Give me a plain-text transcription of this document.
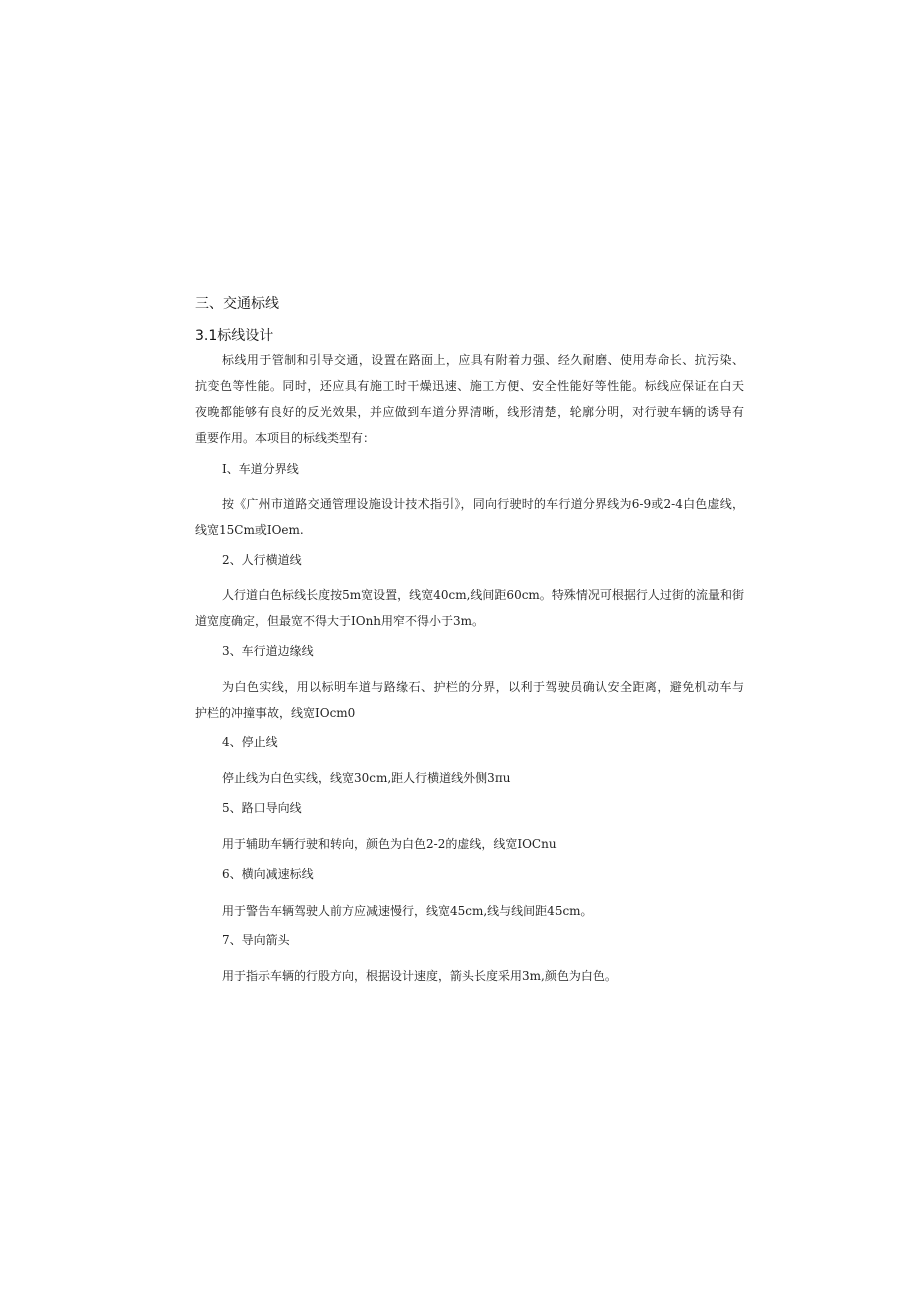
三、交通标线
3.1标线设计
标线用于管制和引导交通，设置在路面上，应具有附着力强、经久耐磨、使用寿命长、抗污染、
抗变色等性能。同时，还应具有施工时干燥迅速、施工方便、安全性能好等性能。标线应保证在白天
夜晚都能够有良好的反光效果，并应做到车道分界清晰，线形清楚，轮廓分明，对行驶车辆的诱导有
重要作用。本项目的标线类型有：
I、车道分界线
按《广州市道路交通管理设施设计技术指引》，同向行驶时的车行道分界线为6-9或2-4白色虚线，
线宽15Cm或IOem.
2、人行横道线
人行道白色标线长度按5m宽设置，线宽40cm,线间距60cm。特殊情况可根据行人过街的流量和街
道宽度确定，但最宽不得大于IOnh用窄不得小于3m。
3、车行道边缘线
为白色实线，用以标明车道与路缘石、护栏的分界，以利于驾驶员确认安全距离，避免机动车与
护栏的冲撞事故，线宽IOcm0
4、停止线
停止线为白色实线，线宽30cm,距人行横道线外侧3πu
5、路口导向线
用于辅助车辆行驶和转向，颜色为白色2-2的虚线，线宽IOCnu
6、横向减速标线
用于警告车辆驾驶人前方应减速慢行，线宽45cm,线与线间距45cm。
7、导向箭头
用于指示车辆的行股方向，根据设计速度，箭头长度采用3m,颜色为白色。
